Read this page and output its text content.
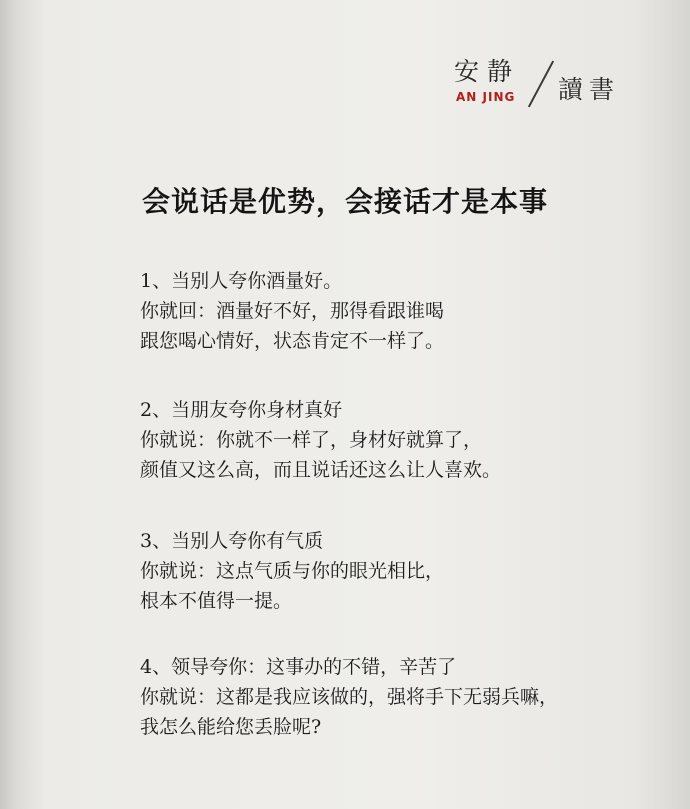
安静
AN JING 讀書
会说话是优势，会接话才是本事
1、当别人夸你酒量好。
你就回：酒量好不好，那得看跟谁喝
跟您喝心情好，状态肯定不一样了。
2、当朋友夸你身材真好
你就说：你就不一样了，身材好就算了，
颜值又这么高，而且说话还这么让人喜欢。
3、当别人夸你有气质
你就说：这点气质与你的眼光相比，
根本不值得一提。
4、领导夸你：这事办的不错，辛苦了
你就说：这都是我应该做的，强将手下无弱兵嘛，
我怎么能给您丢脸呢?
